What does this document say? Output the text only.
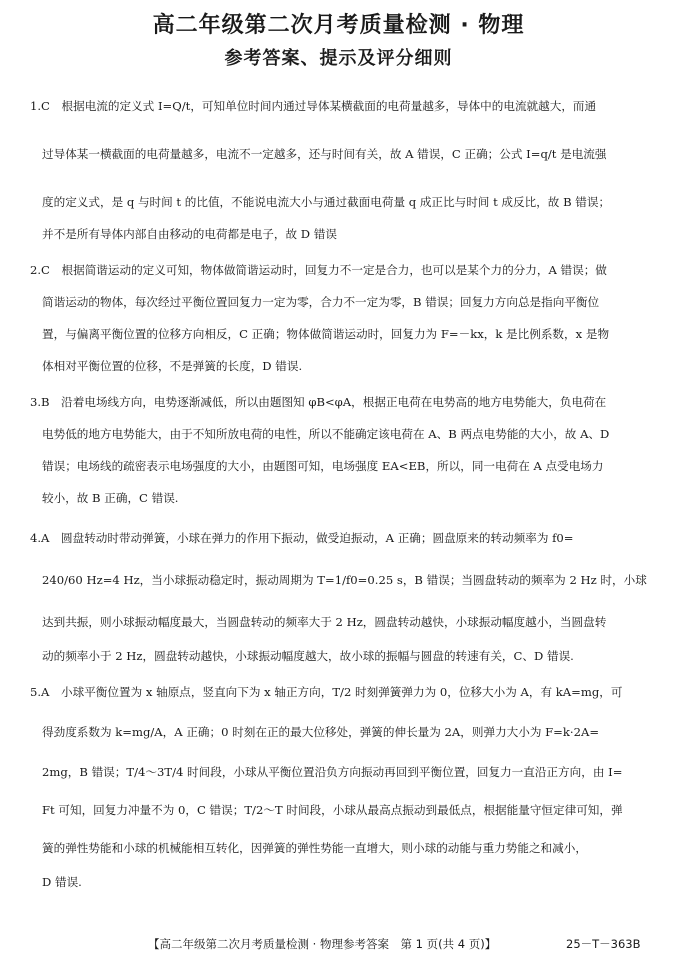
高二年级第二次月考质量检测 · 物理
参考答案、提示及评分细则
1.C　根据电流的定义式 I=Q/t，可知单位时间内通过导体某横截面的电荷量越多，导体中的电流就越大，而通
过导体某一横截面的电荷量越多，电流不一定越多，还与时间有关，故 A 错误，C 正确；公式 I=q/t 是电流强
度的定义式，是 q 与时间 t 的比值，不能说电流大小与通过截面电荷量 q 成正比与时间 t 成反比，故 B 错误；
并不是所有导体内部自由移动的电荷都是电子，故 D 错误
2.C　根据简谐运动的定义可知，物体做简谐运动时，回复力不一定是合力，也可以是某个力的分力，A 错误；做
简谐运动的物体，每次经过平衡位置回复力一定为零，合力不一定为零，B 错误；回复力方向总是指向平衡位
置，与偏离平衡位置的位移方向相反，C 正确；物体做简谐运动时，回复力为 F=－kx，k 是比例系数，x 是物
体相对平衡位置的位移，不是弹簧的长度，D 错误.
3.B　沿着电场线方向，电势逐渐减低，所以由题图知 φB<φA，根据正电荷在电势高的地方电势能大，负电荷在
电势低的地方电势能大，由于不知所放电荷的电性，所以不能确定该电荷在 A、B 两点电势能的大小，故 A、D
错误；电场线的疏密表示电场强度的大小，由题图可知，电场强度 EA<EB，所以，同一电荷在 A 点受电场力
较小，故 B 正确，C 错误.
4.A　圆盘转动时带动弹簧，小球在弹力的作用下振动，做受迫振动，A 正确；圆盘原来的转动频率为 f0=
240/60 Hz=4 Hz，当小球振动稳定时，振动周期为 T=1/f0=0.25 s，B 错误；当圆盘转动的频率为 2 Hz 时，小球
达到共振，则小球振动幅度最大，当圆盘转动的频率大于 2 Hz，圆盘转动越快，小球振动幅度越小，当圆盘转
动的频率小于 2 Hz，圆盘转动越快，小球振动幅度越大，故小球的振幅与圆盘的转速有关，C、D 错误.
5.A　小球平衡位置为 x 轴原点，竖直向下为 x 轴正方向，T/2 时刻弹簧弹力为 0，位移大小为 A，有 kA=mg，可
得劲度系数为 k=mg/A，A 正确；0 时刻在正的最大位移处，弹簧的伸长量为 2A，则弹力大小为 F=k·2A=
2mg，B 错误；T/4～3T/4 时间段，小球从平衡位置沿负方向振动再回到平衡位置，回复力一直沿正方向，由 I=
Ft 可知，回复力冲量不为 0，C 错误；T/2～T 时间段，小球从最高点振动到最低点，根据能量守恒定律可知，弹
簧的弹性势能和小球的机械能相互转化，因弹簧的弹性势能一直增大，则小球的动能与重力势能之和减小，
D 错误.
【高二年级第二次月考质量检测 · 物理参考答案　第 1 页(共 4 页)】	25－T－363B
